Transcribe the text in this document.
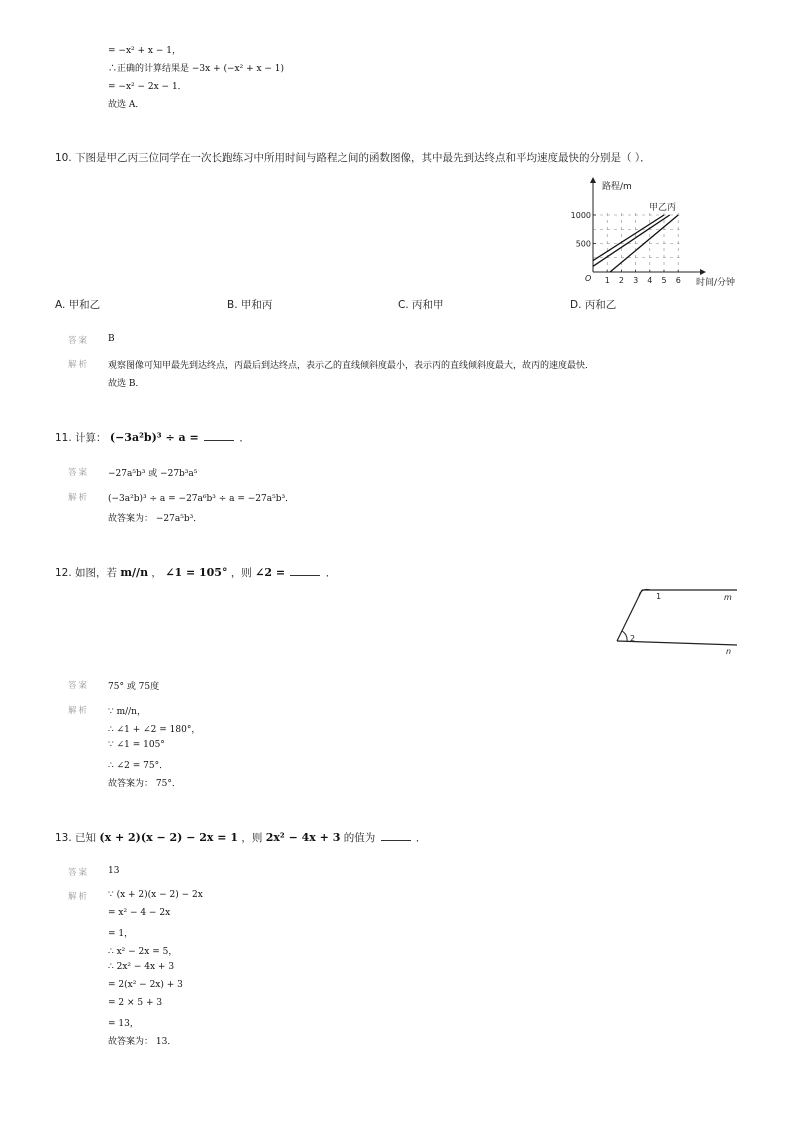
= −x² + x − 1，
∴正确的计算结果是 −3x + (−x² + x − 1)
= −x² − 2x − 1．
故选 A．
10. 下图是甲乙丙三位同学在一次长跑练习中所用时间与路程之间的函数图像，其中最先到达终点和平均速度最快的分别是（ ）．
1 2 3 4 5 6
500
1000
路程/m
时间/分钟
O
甲乙丙
A. 甲和乙	B. 甲和丙	C. 丙和甲	D. 丙和乙
答案 B
解析 观察图像可知甲最先到达终点，丙最后到达终点，表示乙的直线倾斜度最小，表示丙的直线倾斜度最大，故丙的速度最快．
故选 B．
11. 计算： (−3a²b)³ ÷ a =	．
答案 −27a⁵b³ 或 −27b³a⁵
解析 (−3a²b)³ ÷ a = −27a⁶b³ ÷ a = −27a⁵b³．
故答案为： −27a⁵b³．
12. 如图，若 m//n ， ∠1 = 105° ，则 ∠2 =	．
1
2
m
n
答案 75° 或 75度
解析 ∵ m//n，
∴ ∠1 + ∠2 = 180°，
∵ ∠1 = 105°
∴ ∠2 = 75°．
故答案为： 75°．
13. 已知 (x + 2)(x − 2) − 2x = 1 ，则 2x² − 4x + 3 的值为	．
答案 13
解析 ∵ (x + 2)(x − 2) − 2x
= x² − 4 − 2x
= 1，
∴ x² − 2x = 5，
∴ 2x² − 4x + 3
= 2(x² − 2x) + 3
= 2 × 5 + 3
= 13，
故答案为： 13．
